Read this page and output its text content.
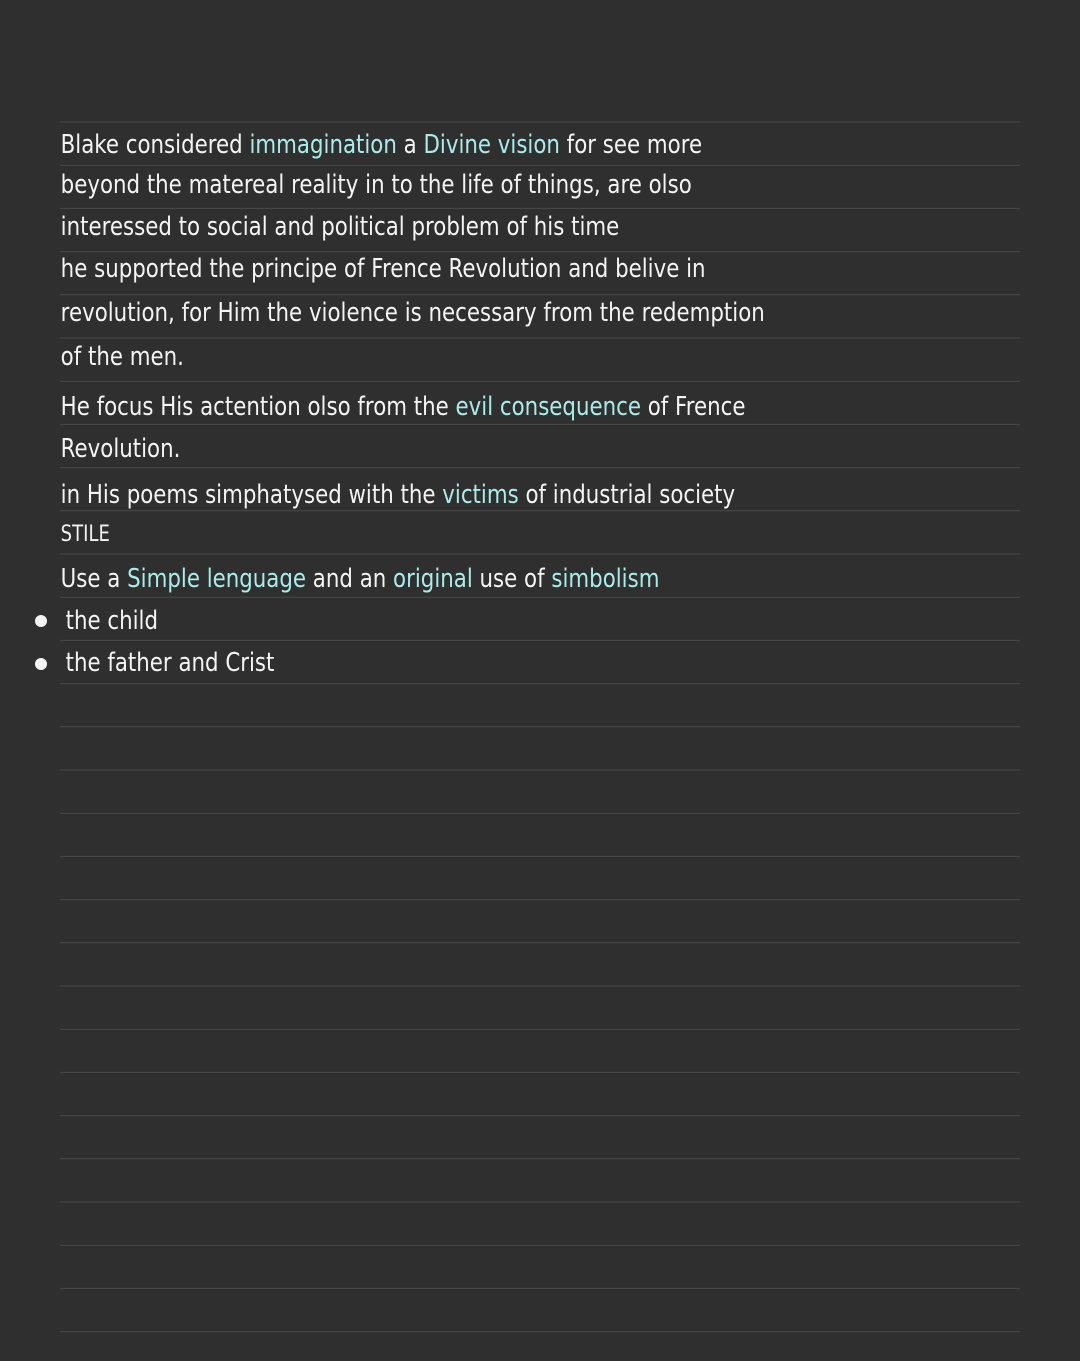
Blake considered immagination a Divine vision for see more
beyond the matereal reality in to the life of things, are olso
interessed to social and political problem of his time
he supported the principe of Frence Revolution and belive in
revolution, for Him the violence is necessary from the redemption
of the men.
He focus His actention olso from the evil consequence of Frence
Revolution.
in His poems simphatysed with the victims of industrial society
STILE
Use a Simple lenguage and an original use of simbolism
the child
the father and Crist
